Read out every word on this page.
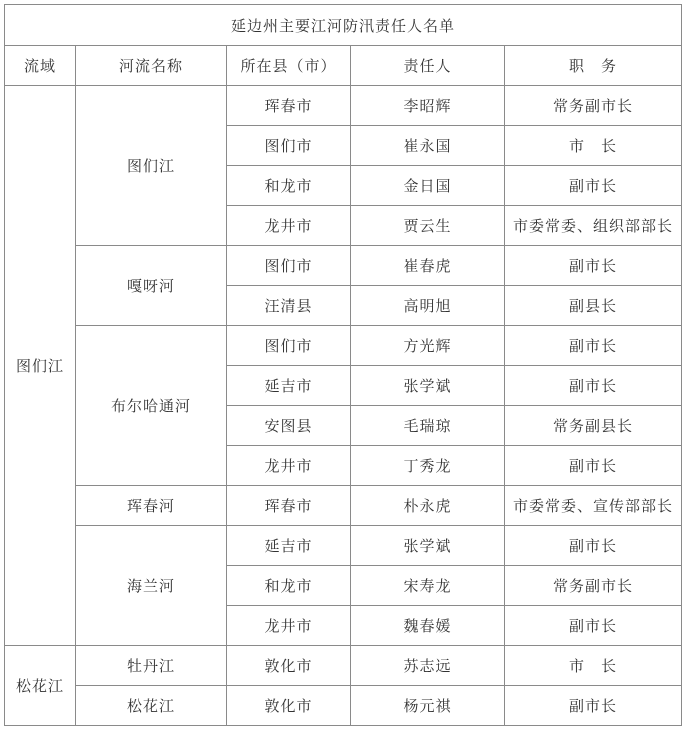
延边州主要江河防汛责任人名单				
流域	河流名称	所在县（市）	责任人	职　务
图们江	图们江	珲春市	李昭辉	常务副市长
		图们市	崔永国	市　长
		和龙市	金日国	副市长
		龙井市	贾云生	市委常委、组织部部长
	嘎呀河	图们市	崔春虎	副市长
		汪清县	高明旭	副县长
	布尔哈通河	图们市	方光辉	副市长
		延吉市	张学斌	副市长
		安图县	毛瑞琼	常务副县长
		龙井市	丁秀龙	副市长
	珲春河	珲春市	朴永虎	市委常委、宣传部部长
	海兰河	延吉市	张学斌	副市长
		和龙市	宋寿龙	常务副市长
		龙井市	魏春媛	副市长
松花江	牡丹江	敦化市	苏志远	市　长
	松花江	敦化市	杨元祺	副市长
